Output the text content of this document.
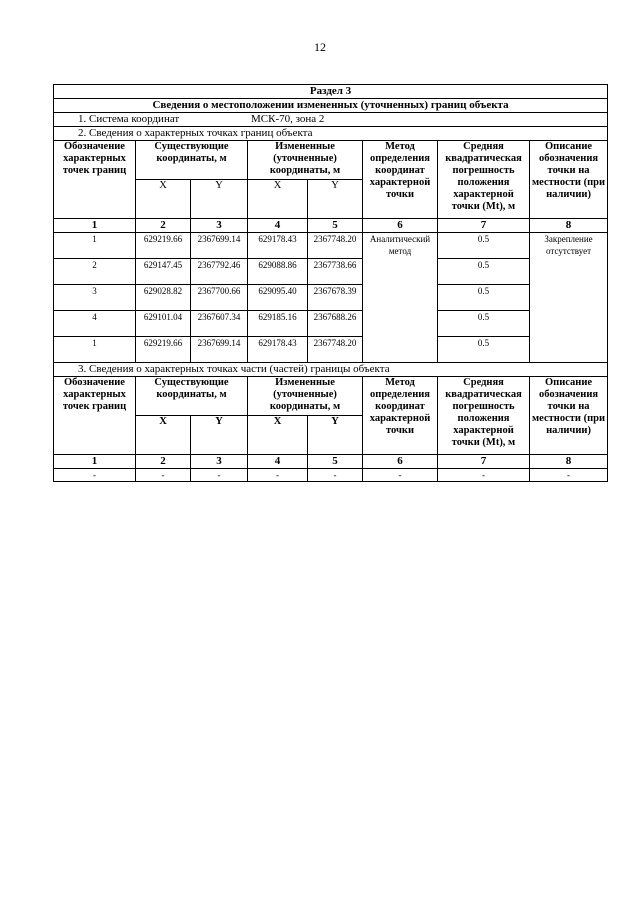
12
Раздел 3							
Сведения о местоположении измененных (уточненных) границ объекта							
1. Система координат МСК-70, зона 2							

2. Сведения о характерных точках границ объекта							
Обозначение характерных точек границ	Существующие координаты, м		Измененные (уточненные) координаты, м		Метод определения координат характерной точки	Средняя квадратическая погрешность положения характерной точки (Mt), м	Описание обозначения точки на местности (при наличии)
	X	Y	X	Y			
1	2	3	4	5	6	7	8
1	629219.66	2367699.14	629178.43	2367748.20	Аналитический метод	0.5	Закрепление отсутствует
2	629147.45	2367792.46	629088.86	2367738.66		0.5	
3	629028.82	2367700.66	629095.40	2367678.39		0.5	
4	629101.04	2367607.34	629185.16	2367688.26		0.5	
1	629219.66	2367699.14	629178.43	2367748.20		0.5	
3. Сведения о характерных точках части (частей) границы объекта							
Обозначение характерных точек границ	Существующие координаты, м		Измененные (уточненные) координаты, м		Метод определения координат характерной точки	Средняя квадратическая погрешность положения характерной точки (Mt), м	Описание обозначения точки на местности (при наличии)
	X	Y	X	Y			
1	2	3	4	5	6	7	8
-	-	-	-	-	-	-	-
